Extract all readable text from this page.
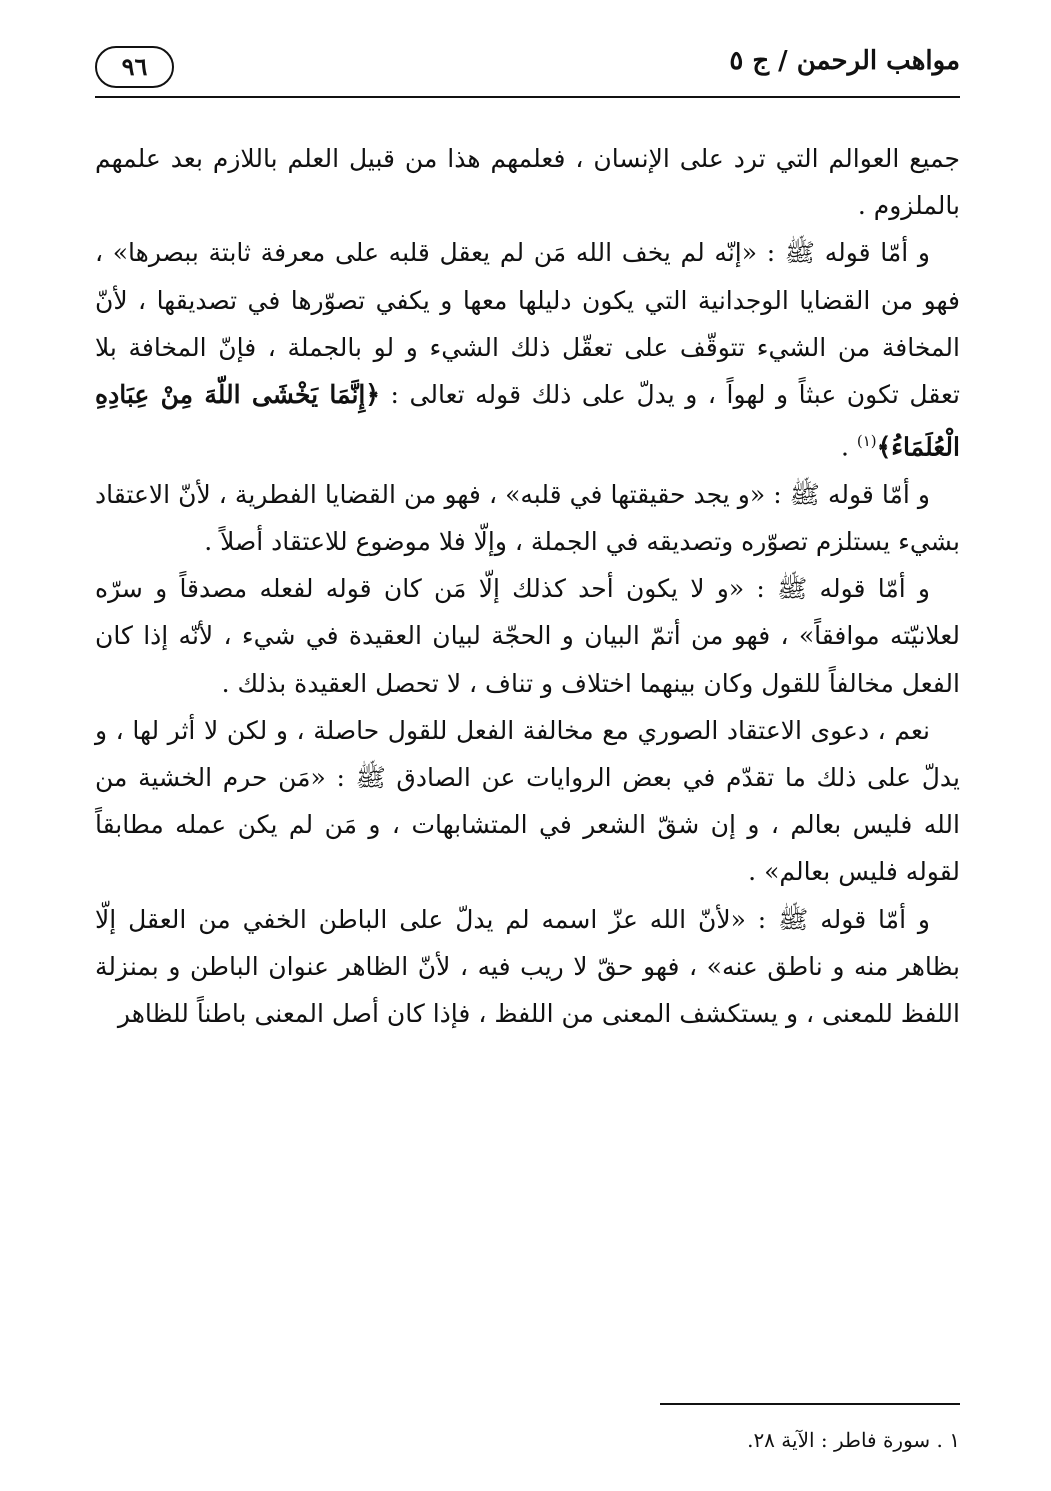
مواهب الرحمن / ج ٥
٩٦

جميع العوالم التي ترد على الإنسان ، فعلمهم هذا من قبيل العلم باللازم بعد علمهم بالملزوم .

و أمّا قوله ﷺ : «إنّه لم يخف الله مَن لم يعقل قلبه على معرفة ثابتة ببصرها» ، فهو من القضايا الوجدانية التي يكون دليلها معها و يكفي تصوّرها في تصديقها ، لأنّ المخافة من الشيء تتوقّف على تعقّل ذلك الشيء و لو بالجملة ، فإنّ المخافة بلا تعقل تكون عبثاً و لهواً ، و يدلّ على ذلك قوله تعالى : ﴿إِنَّمَا يَخْشَى اللّهَ مِنْ عِبَادِهِ الْعُلَمَاءُ﴾$^{(١)}$ .

و أمّا قوله ﷺ : «و يجد حقيقتها في قلبه» ، فهو من القضايا الفطرية ، لأنّ الاعتقاد بشيء يستلزم تصوّره وتصديقه في الجملة ، وإلّا فلا موضوع للاعتقاد أصلاً .

و أمّا قوله ﷺ : «و لا يكون أحد كذلك إلّا مَن كان قوله لفعله مصدقاً و سرّه لعلانيّته موافقاً» ، فهو من أتمّ البيان و الحجّة لبيان العقيدة في شيء ، لأنّه إذا كان الفعل مخالفاً للقول وكان بينهما اختلاف و تناف ، لا تحصل العقيدة بذلك .

نعم ، دعوى الاعتقاد الصوري مع مخالفة الفعل للقول حاصلة ، و لكن لا أثر لها ، و يدلّ على ذلك ما تقدّم في بعض الروايات عن الصادق ﷺ : «مَن حرم الخشية من الله فليس بعالم ، و إن شقّ الشعر في المتشابهات ، و مَن لم يكن عمله مطابقاً لقوله فليس بعالم» .

و أمّا قوله ﷺ : «لأنّ الله عزّ اسمه لم يدلّ على الباطن الخفي من العقل إلّا بظاهر منه و ناطق عنه» ، فهو حقّ لا ريب فيه ، لأنّ الظاهر عنوان الباطن و بمنزلة اللفظ للمعنى ، و يستكشف المعنى من اللفظ ، فإذا كان أصل المعنى باطناً للظاهر

١ . سورة فاطر : الآية ٢٨.
